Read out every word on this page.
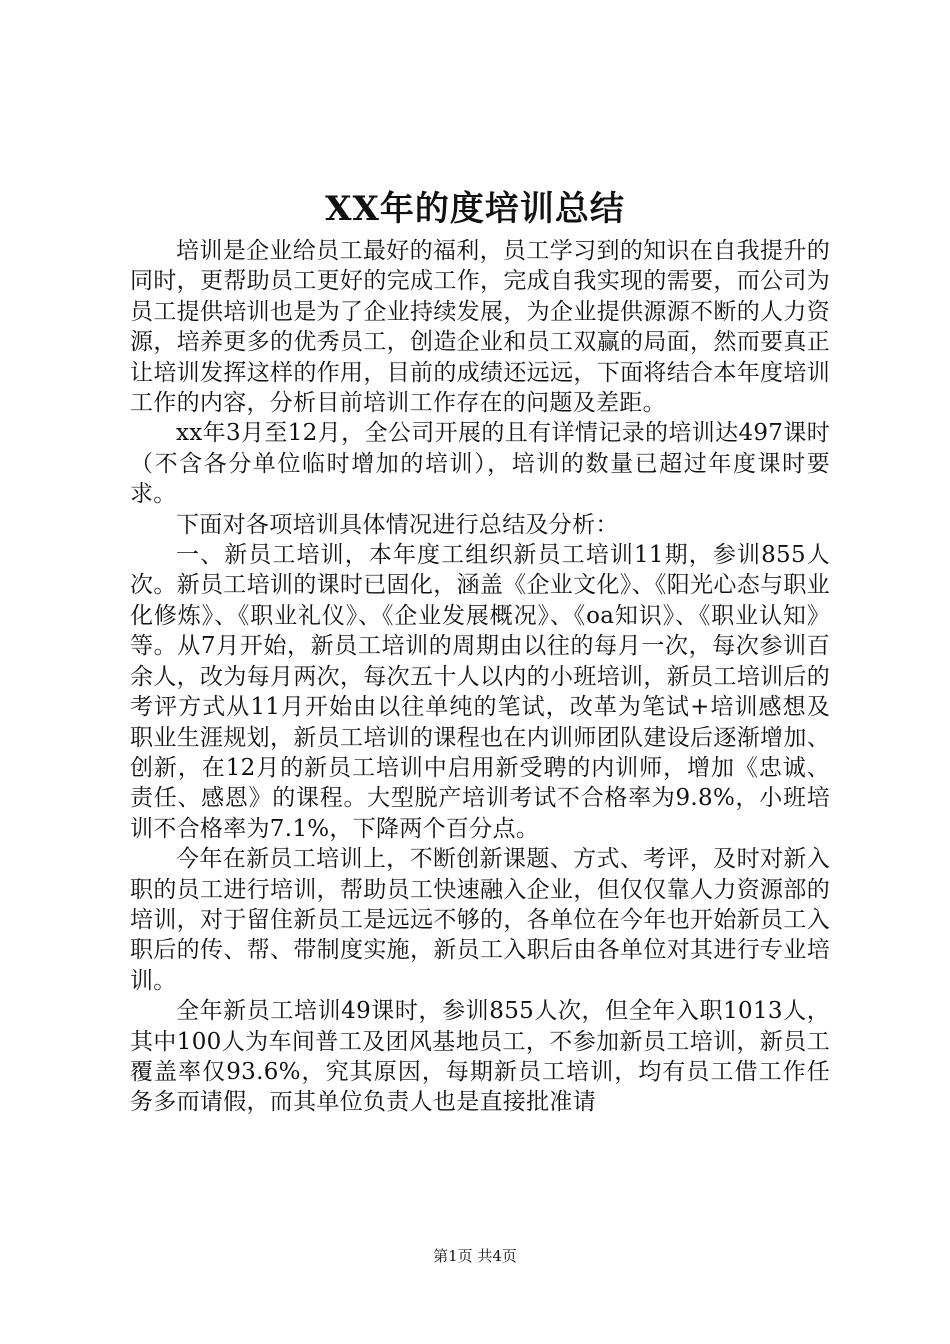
XX年的度培训总结

培训是企业给员工最好的福利，员工学习到的知识在自我提升的同时，更帮助员工更好的完成工作，完成自我实现的需要，而公司为员工提供培训也是为了企业持续发展，为企业提供源源不断的人力资源，培养更多的优秀员工，创造企业和员工双赢的局面，然而要真正让培训发挥这样的作用，目前的成绩还远远，下面将结合本年度培训工作的内容，分析目前培训工作存在的问题及差距。

xx年3月至12月，全公司开展的且有详情记录的培训达497课时（不含各分单位临时增加的培训），培训的数量已超过年度课时要求。

下面对各项培训具体情况进行总结及分析：

一、新员工培训，本年度工组织新员工培训11期，参训855人次。新员工培训的课时已固化，涵盖《企业文化》、《阳光心态与职业化修炼》、《职业礼仪》、《企业发展概况》、《oa知识》、《职业认知》等。从7月开始，新员工培训的周期由以往的每月一次，每次参训百余人，改为每月两次，每次五十人以内的小班培训，新员工培训后的考评方式从11月开始由以往单纯的笔试，改革为笔试+培训感想及职业生涯规划，新员工培训的课程也在内训师团队建设后逐渐增加、创新，在12月的新员工培训中启用新受聘的内训师，增加《忠诚、责任、感恩》的课程。大型脱产培训考试不合格率为9.8%，小班培训不合格率为7.1%，下降两个百分点。

今年在新员工培训上，不断创新课题、方式、考评，及时对新入职的员工进行培训，帮助员工快速融入企业，但仅仅靠人力资源部的培训，对于留住新员工是远远不够的，各单位在今年也开始新员工入职后的传、帮、带制度实施，新员工入职后由各单位对其进行专业培训。

全年新员工培训49课时，参训855人次，但全年入职1013人，其中100人为车间普工及团风基地员工，不参加新员工培训，新员工覆盖率仅93.6%，究其原因，每期新员工培训，均有员工借工作任务多而请假，而其单位负责人也是直接批准请

第1页 共4页
